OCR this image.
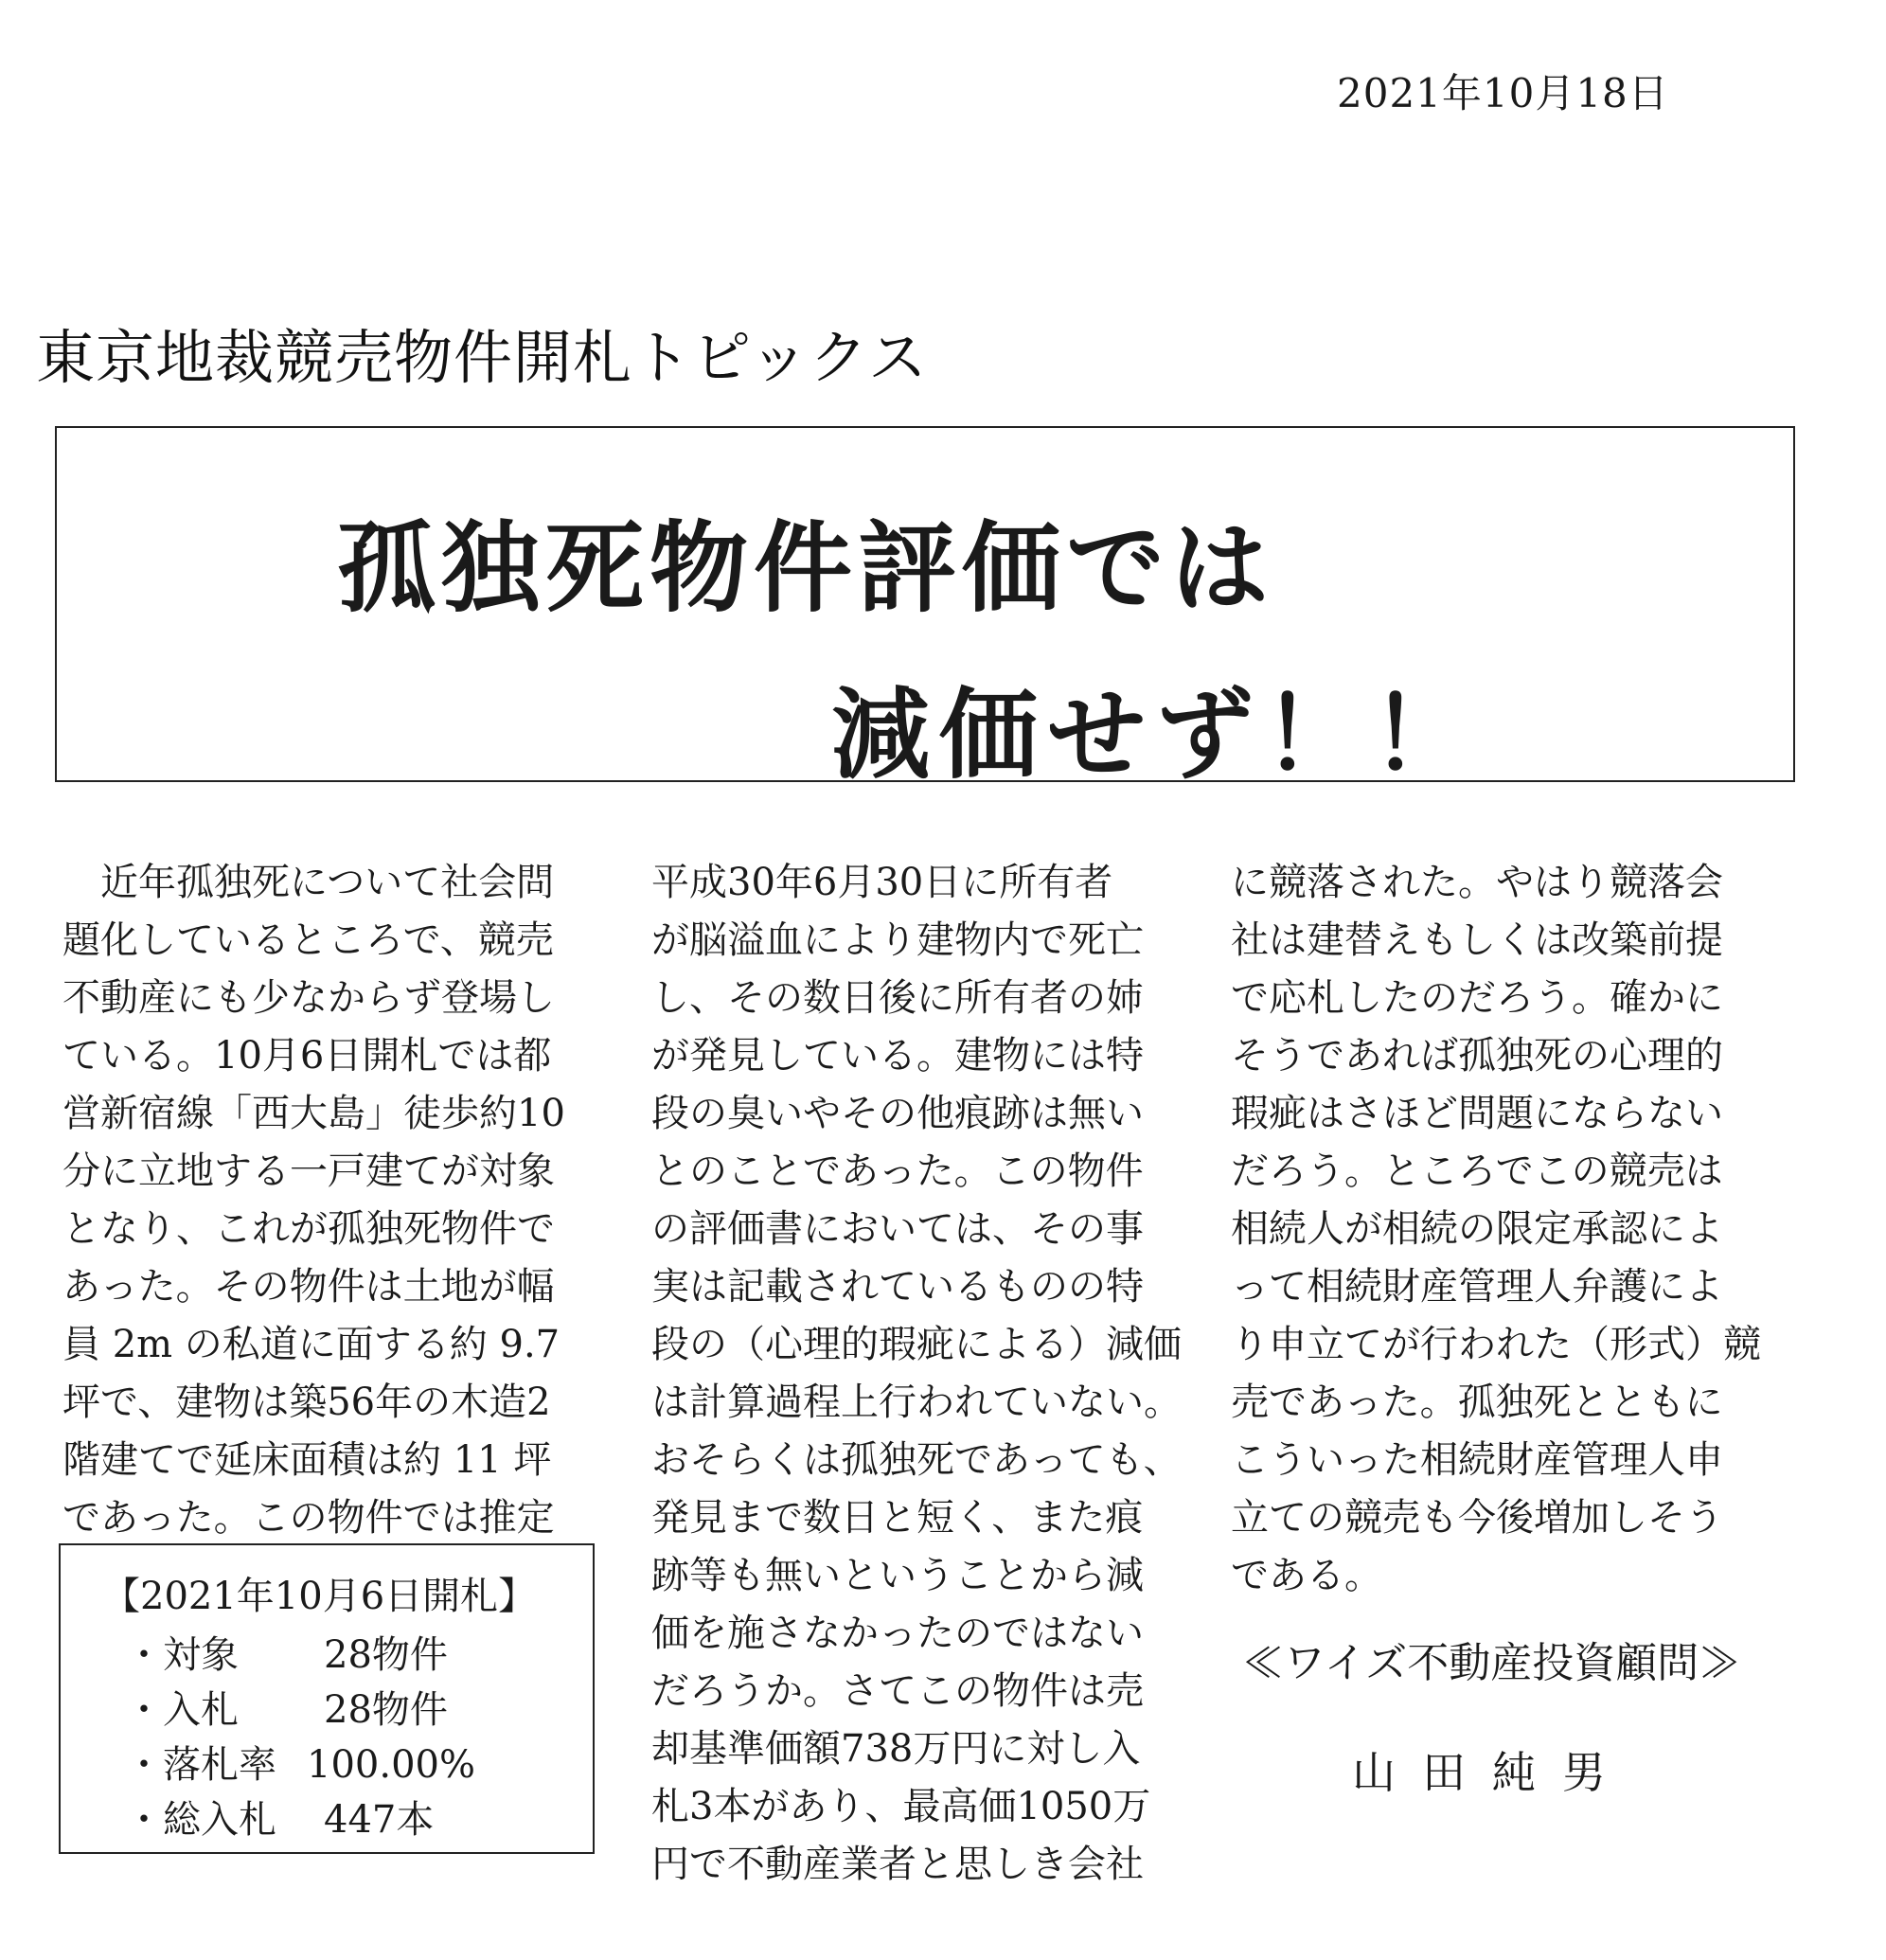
2021年10月18日
東京地裁競売物件開札トピックス
孤独死物件評価では
減価せず！！
　近年孤独死について社会問
題化しているところで、競売
不動産にも少なからず登場し
ている。10月6日開札では都
営新宿線「西大島」徒歩約10
分に立地する一戸建てが対象
となり、これが孤独死物件で
あった。その物件は土地が幅
員 2m の私道に面する約 9.7
坪で、建物は築56年の木造2
階建てで延床面積は約 11 坪
であった。この物件では推定
【2021年10月6日開札】
・対象 28物件
・入札 28物件
・落札率 100.00%
・総入札 447本
平成30年6月30日に所有者
が脳溢血により建物内で死亡
し、その数日後に所有者の姉
が発見している。建物には特
段の臭いやその他痕跡は無い
とのことであった。この物件
の評価書においては、その事
実は記載されているものの特
段の（心理的瑕疵による）減価
は計算過程上行われていない。
おそらくは孤独死であっても、
発見まで数日と短く、また痕
跡等も無いということから減
価を施さなかったのではない
だろうか。さてこの物件は売
却基準価額738万円に対し入
札3本があり、最高価1050万
円で不動産業者と思しき会社
に競落された。やはり競落会
社は建替えもしくは改築前提
で応札したのだろう。確かに
そうであれば孤独死の心理的
瑕疵はさほど問題にならない
だろう。ところでこの競売は
相続人が相続の限定承認によ
って相続財産管理人弁護によ
り申立てが行われた（形式）競
売であった。孤独死とともに
こういった相続財産管理人申
立ての競売も今後増加しそう
である。
≪ワイズ不動産投資顧問≫
山田純男
